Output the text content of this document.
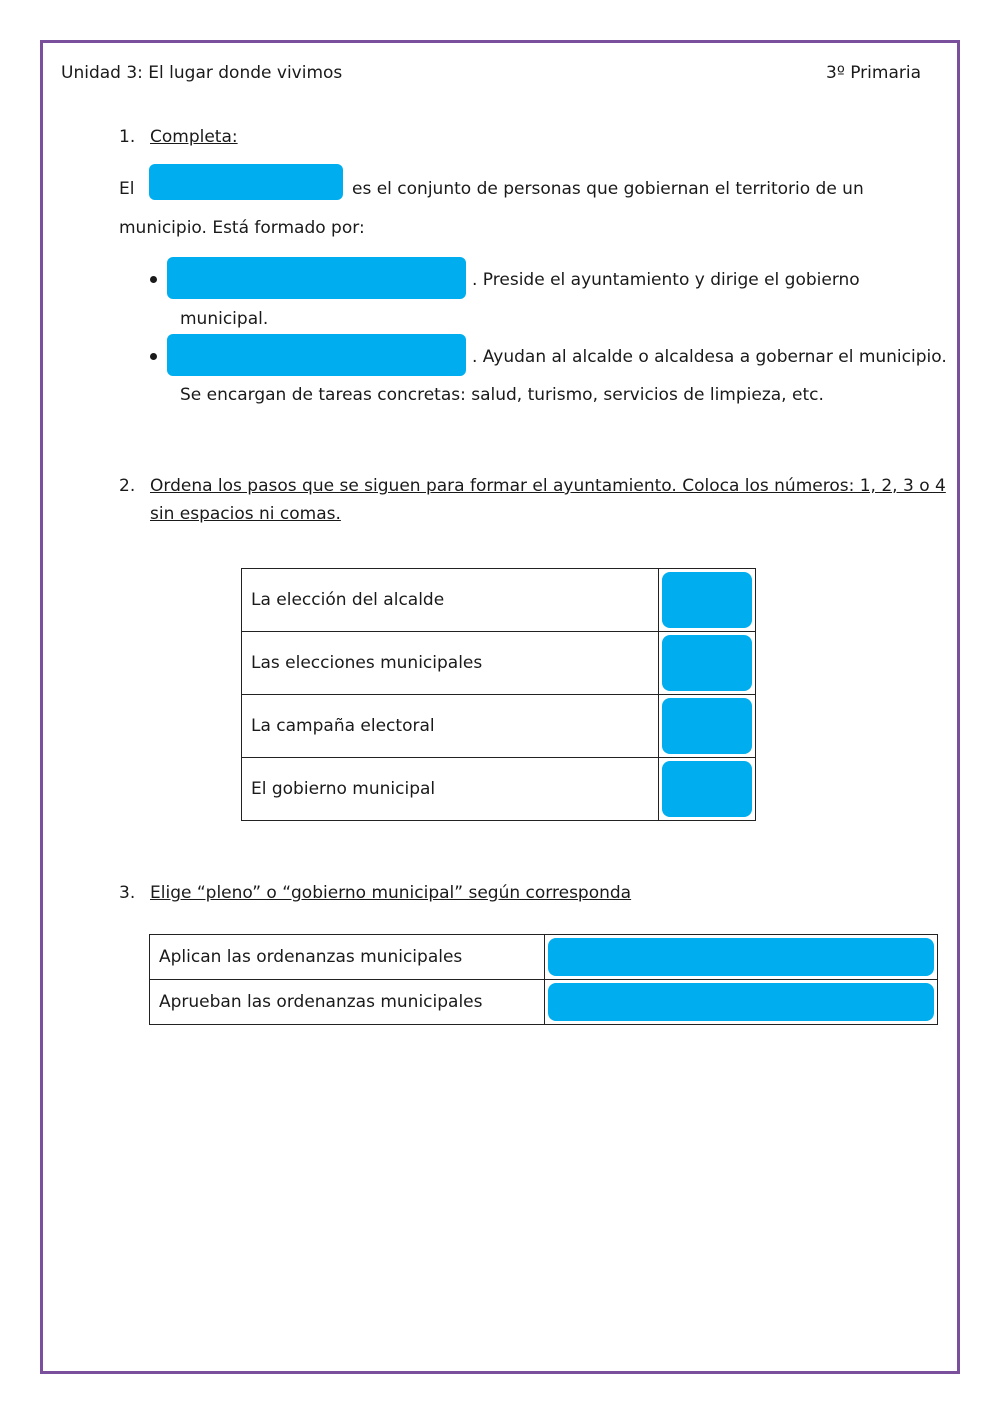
Unidad 3: El lugar donde vivimos	3º Primaria
1. Completa:
El	es el conjunto de personas que gobiernan el territorio de un
municipio. Está formado por:
. Preside el ayuntamiento y dirige el gobierno
municipal.
. Ayudan al alcalde o alcaldesa a gobernar el municipio.
Se encargan de tareas concretas: salud, turismo, servicios de limpieza, etc.
2. Ordena los pasos que se siguen para formar el ayuntamiento. Coloca los números: 1, 2, 3 o 4
sin espacios ni comas.
La elección del alcalde	

Las elecciones municipales	

La campaña electoral	

El gobierno municipal	
3. Elige “pleno” o “gobierno municipal” según corresponda
Aplican las ordenanzas municipales	

Aprueban las ordenanzas municipales	
